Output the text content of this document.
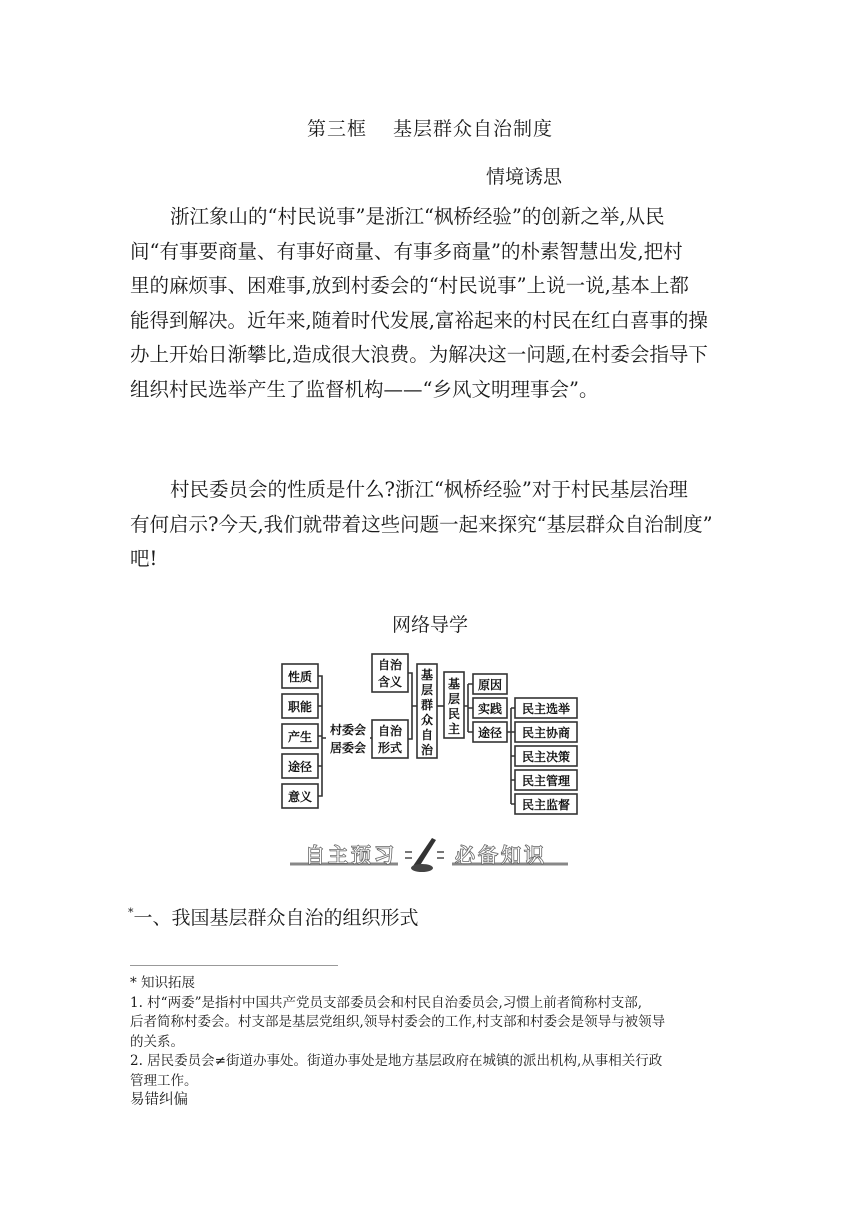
第三框 基层群众自治制度
情境诱思
浙江象山的“村民说事”是浙江“枫桥经验”的创新之举,从民
间“有事要商量、有事好商量、有事多商量”的朴素智慧出发,把村
里的麻烦事、困难事,放到村委会的“村民说事”上说一说,基本上都
能得到解决。近年来,随着时代发展,富裕起来的村民在红白喜事的操
办上开始日渐攀比,造成很大浪费。为解决这一问题,在村委会指导下
组织村民选举产生了监督机构——“乡风文明理事会”。
村民委员会的性质是什么?浙江“枫桥经验”对于村民基层治理
有何启示?今天,我们就带着这些问题一起来探究“基层群众自治制度”
吧!
网络导学
性质
职能
产生
途径
意义
村委会
居委会
自治
含义
自治
形式
基
层
群
众
自
治
基
层
民
主
原因
实践
途径
民主选举
民主协商
民主决策
民主管理
民主监督
自主预习	必备知识
*一、我国基层群众自治的组织形式
* 知识拓展
1. 村“两委”是指村中国共产党员支部委员会和村民自治委员会,习惯上前者简称村支部,
后者简称村委会。村支部是基层党组织,领导村委会的工作,村支部和村委会是领导与被领导
的关系。
2. 居民委员会≠街道办事处。街道办事处是地方基层政府在城镇的派出机构,从事相关行政
管理工作。
易错纠偏
